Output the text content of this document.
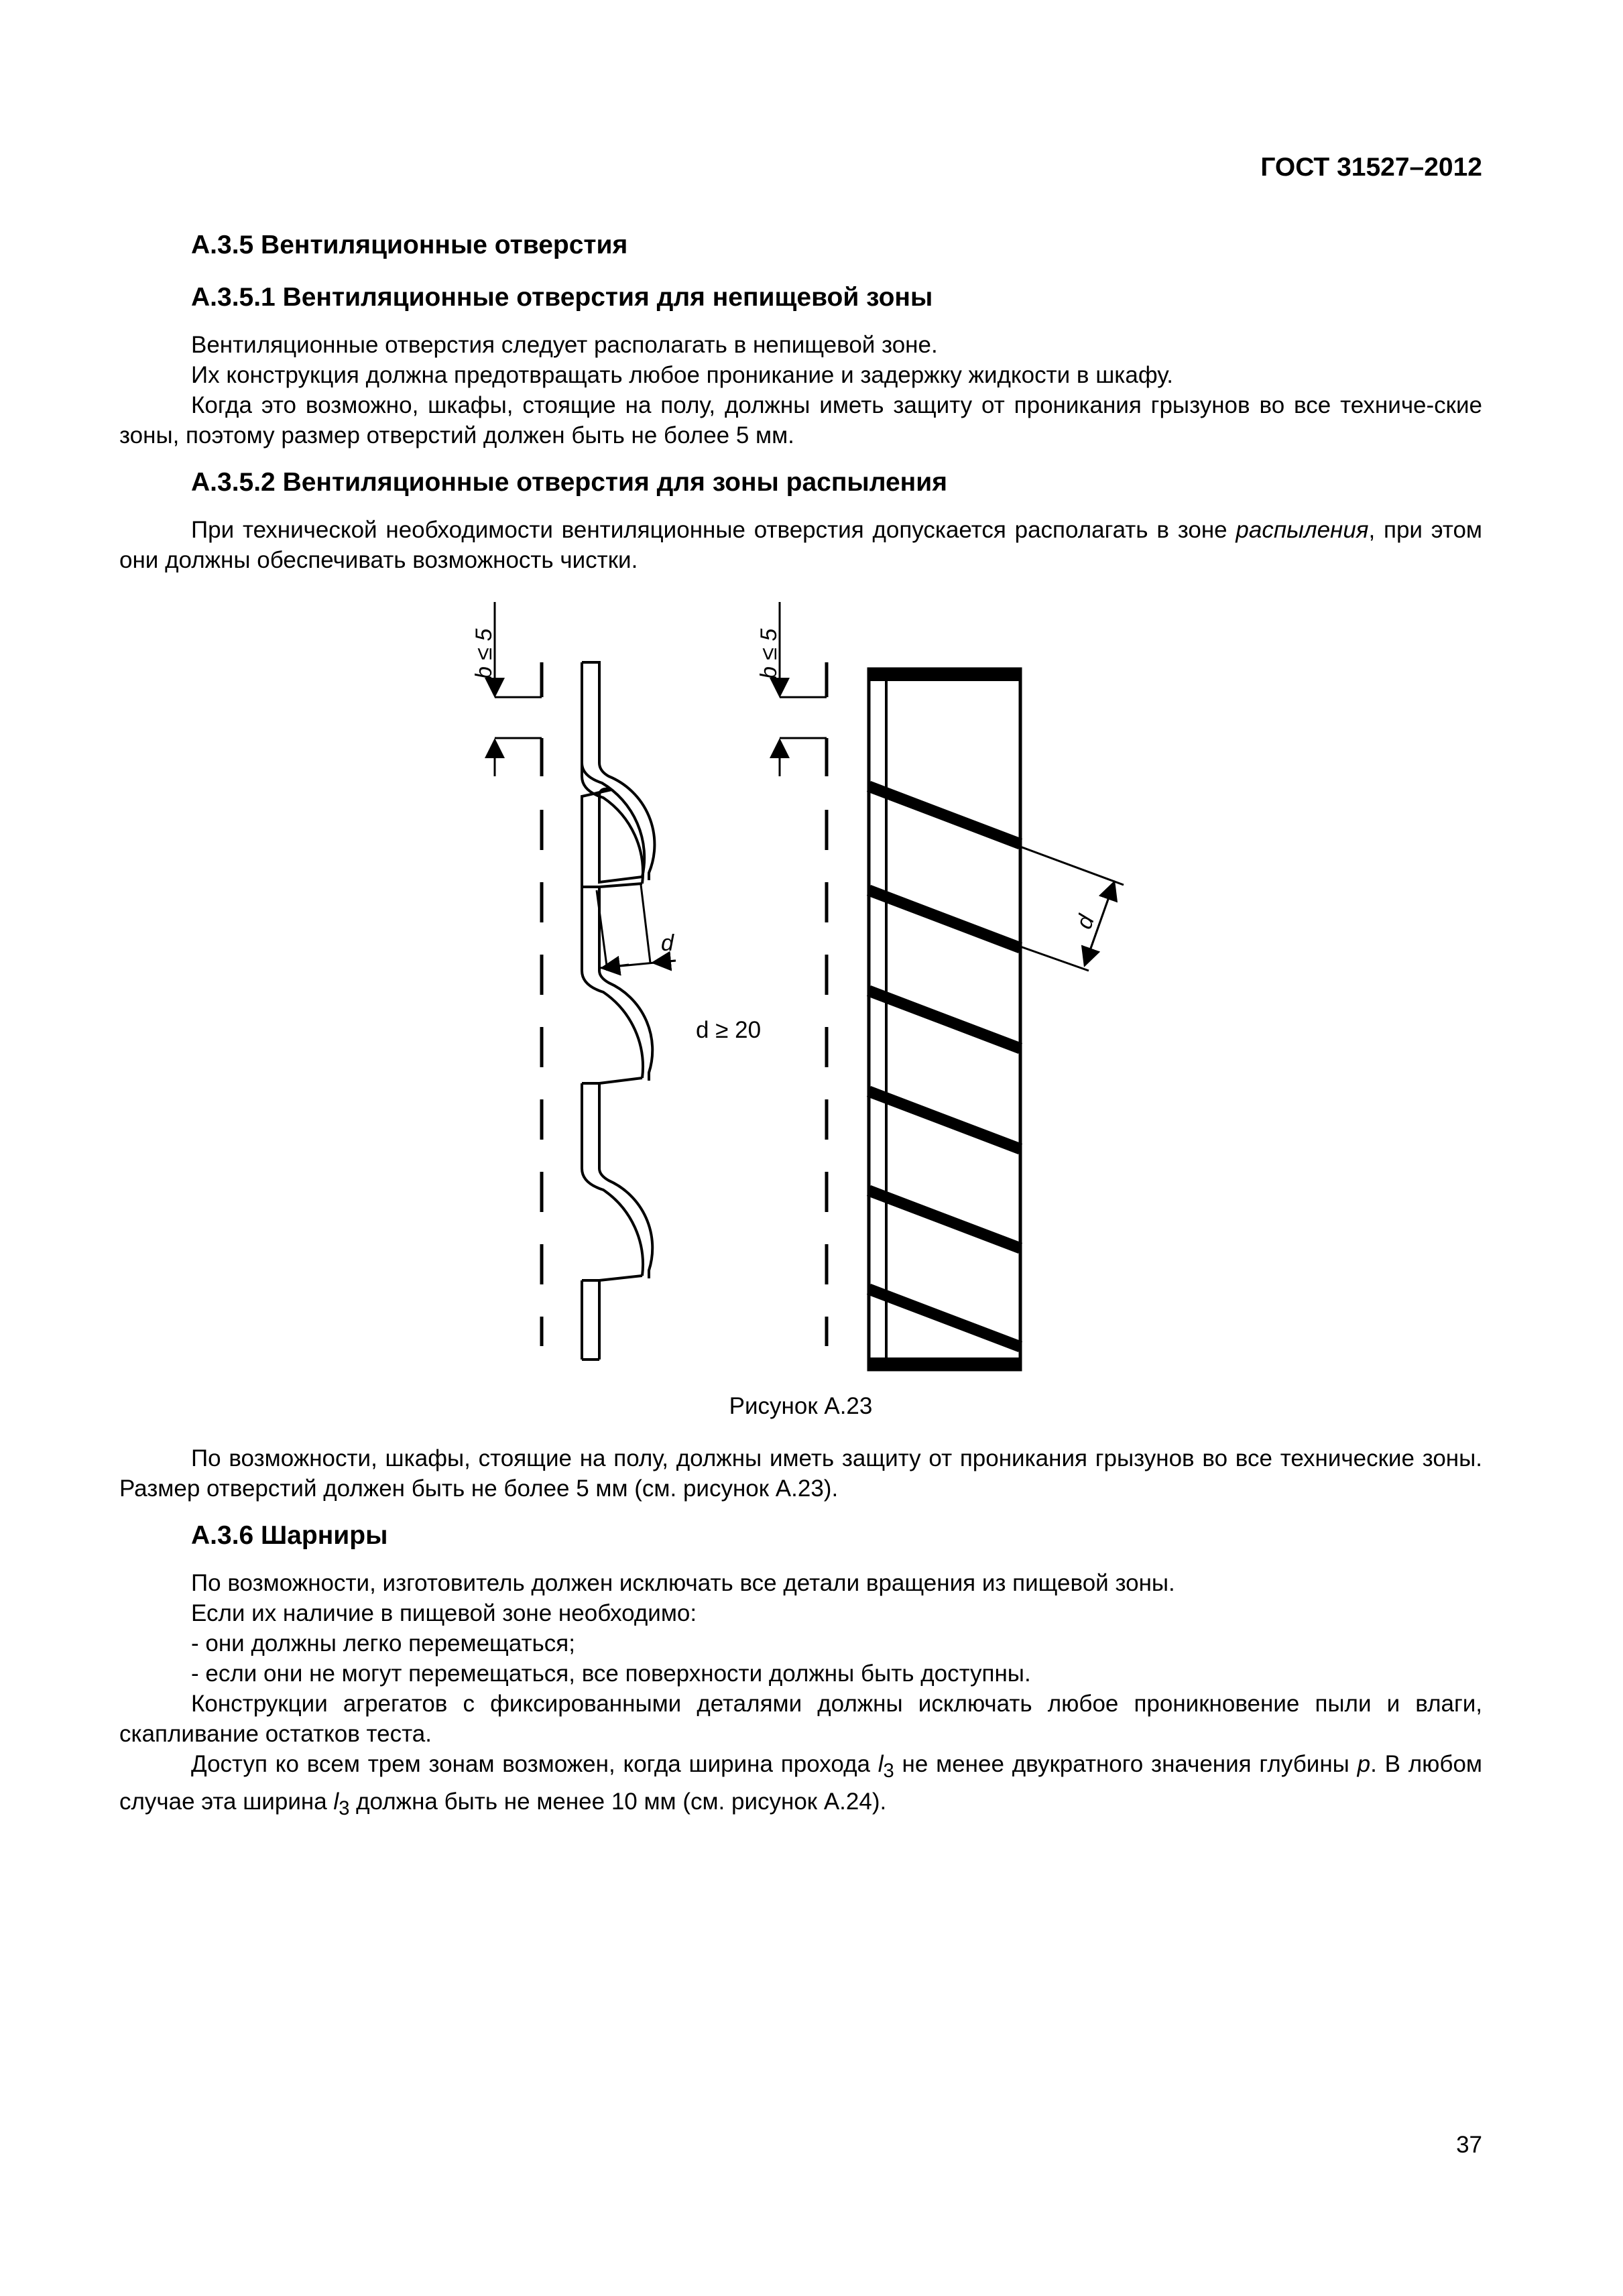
ГОСТ 31527–2012

А.3.5 Вентиляционные отверстия

А.3.5.1 Вентиляционные отверстия для непищевой зоны

Вентиляционные отверстия следует располагать в непищевой зоне.

Их конструкция должна предотвращать любое проникание и задержку жидкости в шкафу.

Когда это возможно, шкафы, стоящие на полу, должны иметь защиту от проникания грызунов во все техниче-ские зоны, поэтому размер отверстий должен быть не более 5 мм.

А.3.5.2 Вентиляционные отверстия для зоны распыления

При технической необходимости вентиляционные отверстия допускается располагать в зоне распыления, при этом они должны обеспечивать возможность чистки.

b ≤ 5
d
d ≥ 20
b ≤ 5
d
Рисунок А.23

По возможности, шкафы, стоящие на полу, должны иметь защиту от проникания грызунов во все технические зоны. Размер отверстий должен быть не более 5 мм (см. рисунок А.23).

А.3.6 Шарниры

По возможности, изготовитель должен исключать все детали вращения из пищевой зоны.

Если их наличие в пищевой зоне необходимо:

- они должны легко перемещаться;

- если они не могут перемещаться, все поверхности должны быть доступны.

Конструкции агрегатов с фиксированными деталями должны исключать любое проникновение пыли и влаги, скапливание остатков теста.

Доступ ко всем трем зонам возможен, когда ширина прохода $l_3$ не менее двукратного значения глубины p. В любом случае эта ширина $l_3$ должна быть не менее 10 мм (см. рисунок А.24).

37
